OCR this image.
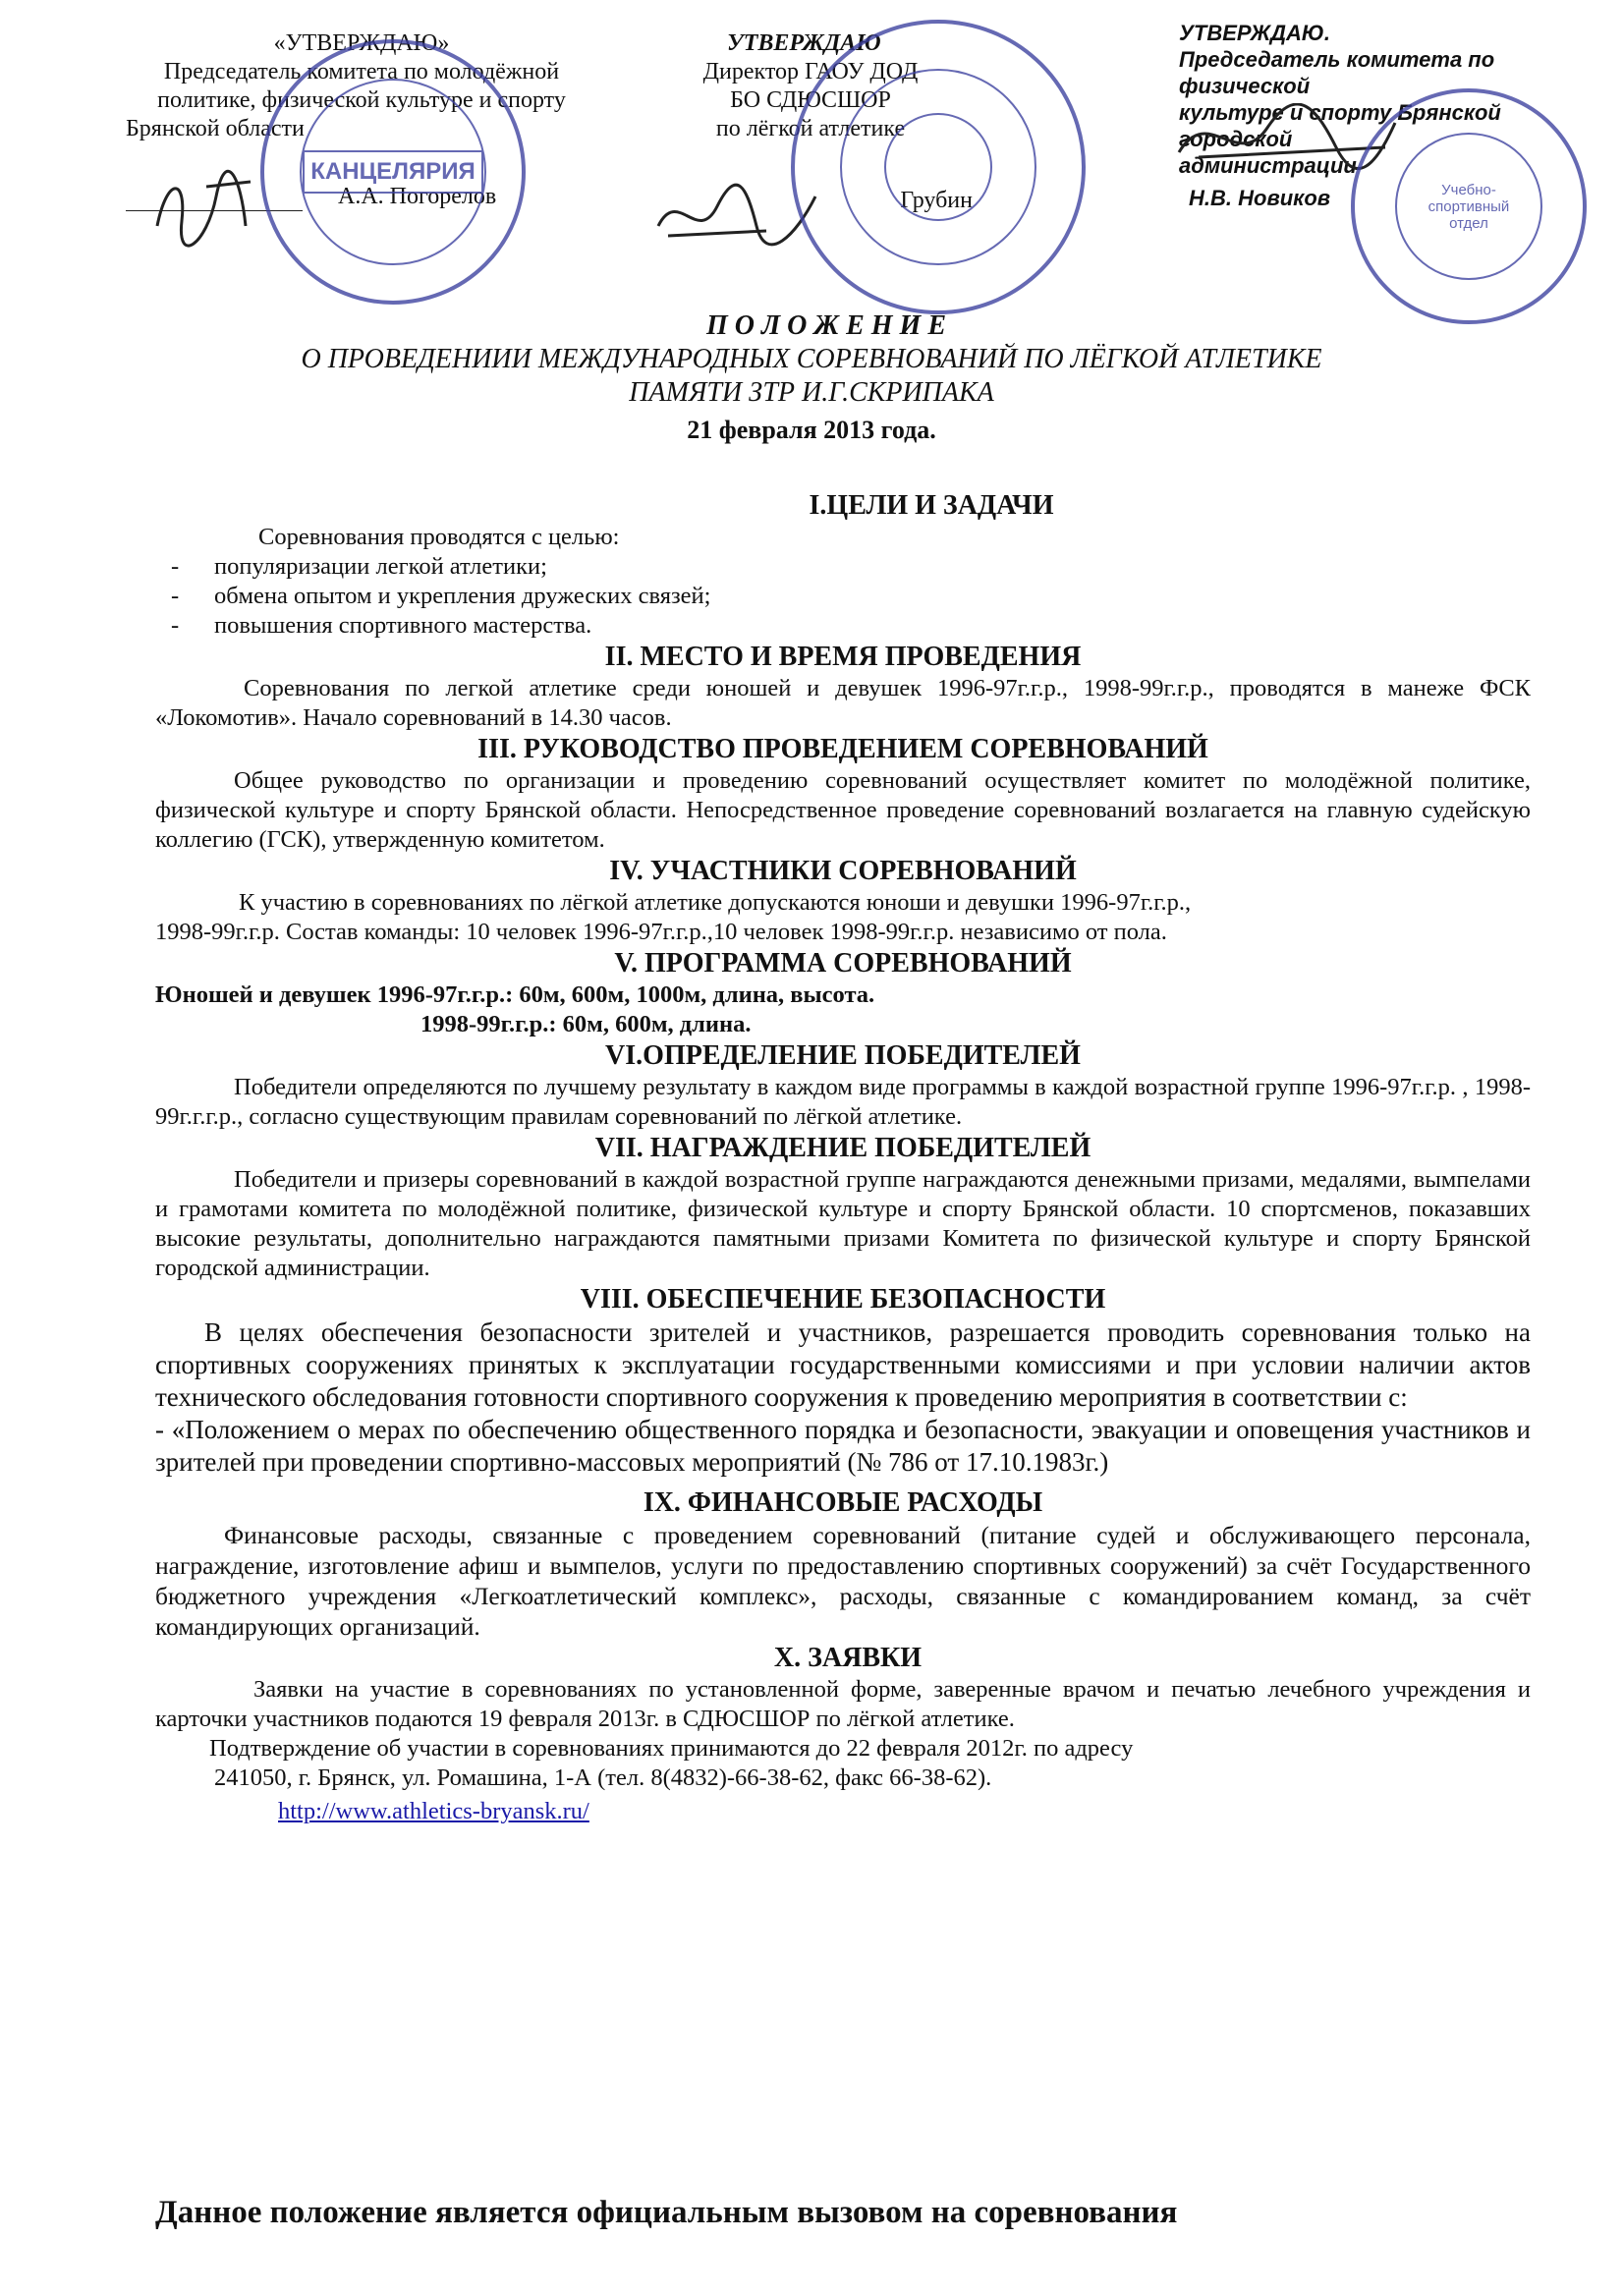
«УТВЕРЖДАЮ»
Председатель комитета по молодёжной
политике, физической культуре и спорту
Брянской области
А.А. Погорелов
УТВЕРЖДАЮ
Директор ГАОУ ДОД
БО СДЮСШОР
по лёгкой атлетике
Грубин
УТВЕРЖДАЮ.
Председатель комитета по физической
культуре и спорту Брянской городской
администрации
Н.В. Новиков
КАНЦЕЛЯРИЯ
Учебно-спортивный отдел
П О Л О Ж Е Н И Е
О ПРОВЕДЕНИИИ МЕЖДУНАРОДНЫХ СОРЕВНОВАНИЙ ПО ЛЁГКОЙ АТЛЕТИКЕ
ПАМЯТИ ЗТР И.Г.СКРИПАКА
21 февраля 2013 года.
I.ЦЕЛИ И ЗАДАЧИ

Соревнования проводятся с целью:

- популяризации легкой атлетики;
- обмена опытом и укрепления дружеских связей;
- повышения спортивного мастерства.
II. МЕСТО И ВРЕМЯ ПРОВЕДЕНИЯ

Соревнования по легкой атлетике среди юношей и девушек 1996-97г.г.р., 1998-99г.г.р., проводятся в манеже ФСК «Локомотив». Начало соревнований в 14.30 часов.

III. РУКОВОДСТВО ПРОВЕДЕНИЕМ СОРЕВНОВАНИЙ

Общее руководство по организации и проведению соревнований осуществляет комитет по молодёжной политике, физической культуре и спорту Брянской области. Непосредственное проведение соревнований возлагается на главную судейскую коллегию (ГСК), утвержденную комитетом.

IV. УЧАСТНИКИ СОРЕВНОВАНИЙ

К участию в соревнованиях по лёгкой атлетике допускаются юноши и девушки 1996-97г.г.р.,

1998-99г.г.р. Состав команды: 10 человек 1996-97г.г.р.,10 человек 1998-99г.г.р. независимо от пола.

V. ПРОГРАММА СОРЕВНОВАНИЙ

Юношей и девушек 1996-97г.г.р.: 60м, 600м, 1000м, длина, высота.

1998-99г.г.р.: 60м, 600м, длина.

VI.ОПРЕДЕЛЕНИЕ ПОБЕДИТЕЛЕЙ

Победители определяются по лучшему результату в каждом виде программы в каждой возрастной группе 1996-97г.г.р. , 1998-99г.г.г.р., согласно существующим правилам соревнований по лёгкой атлетике.

VII. НАГРАЖДЕНИЕ ПОБЕДИТЕЛЕЙ

Победители и призеры соревнований в каждой возрастной группе награждаются денежными призами, медалями, вымпелами и грамотами комитета по молодёжной политике, физической культуре и спорту Брянской области. 10 спортсменов, показавших высокие результаты, дополнительно награждаются памятными призами Комитета по физической культуре и спорту Брянской городской администрации.

VIII. ОБЕСПЕЧЕНИЕ БЕЗОПАСНОСТИ

В целях обеспечения безопасности зрителей и участников, разрешается проводить соревнования только на спортивных сооружениях принятых к эксплуатации государственными комиссиями и при условии наличии актов технического обследования готовности спортивного сооружения к проведению мероприятия в соответствии с:

- «Положением о мерах по обеспечению общественного порядка и безопасности, эвакуации и оповещения участников и зрителей при проведении спортивно-массовых мероприятий (№ 786 от 17.10.1983г.)

IX. ФИНАНСОВЫЕ РАСХОДЫ

Финансовые расходы, связанные с проведением соревнований (питание судей и обслуживающего персонала, награждение, изготовление афиш и вымпелов, услуги по предоставлению спортивных сооружений) за счёт Государственного бюджетного учреждения «Легкоатлетический комплекс», расходы, связанные с командированием команд, за счёт командирующих организаций.

X. ЗАЯВКИ

Заявки на участие в соревнованиях по установленной форме, заверенные врачом и печатью лечебного учреждения и карточки участников подаются 19 февраля 2013г. в СДЮСШОР по лёгкой атлетике.

Подтверждение об участии в соревнованиях принимаются до 22 февраля 2012г. по адресу

241050, г. Брянск, ул. Ромашина, 1-А (тел. 8(4832)-66-38-62, факс 66-38-62).

http://www.athletics-bryansk.ru/

Данное положение является официальным вызовом на соревнования
